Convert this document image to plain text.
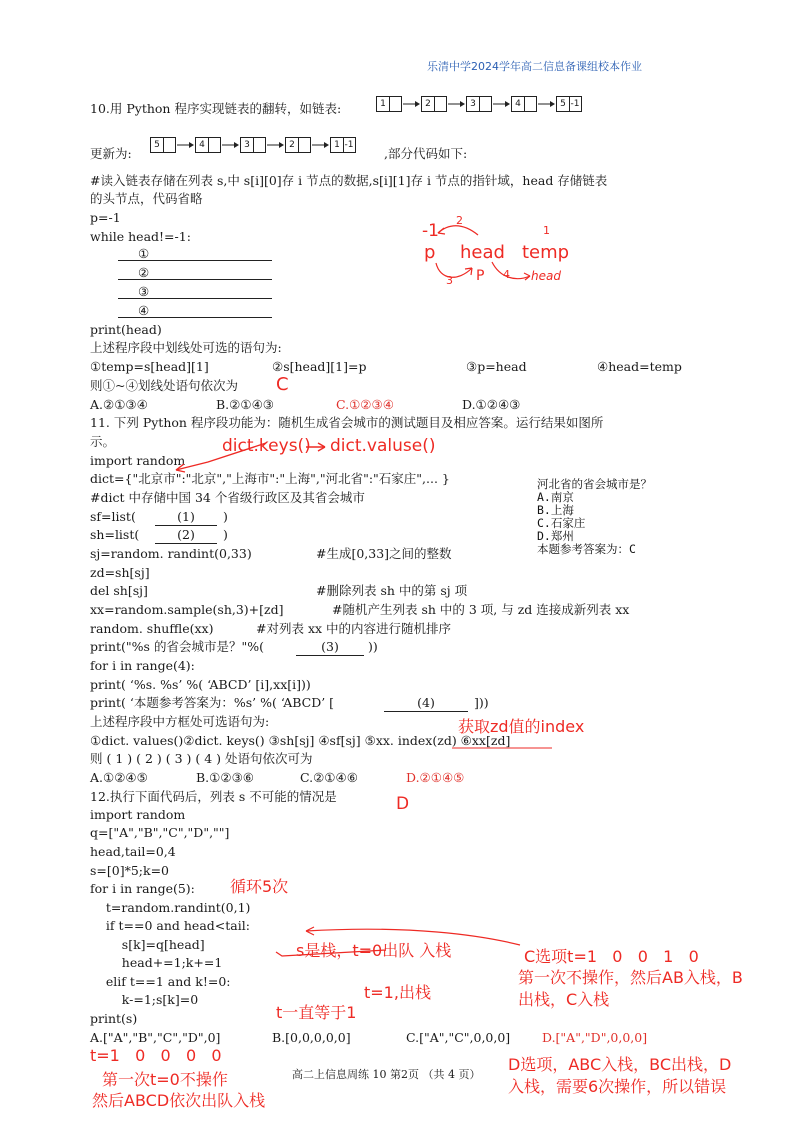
乐清中学2024学年高二信息备课组校本作业
10.用 Python 程序实现链表的翻转，如链表:	1	2	3	4	5 -1
更新为:
5	4	3	2	1 -1
,部分代码如下:
#读入链表存储在列表 s,中 s[i][0]存 i 节点的数据,s[i][1]存 i 节点的指针域，head 存储链表
的头节点，代码省略
p=-1
while head!=-1:
①
②
③
④
print(head)
上述程序段中划线处可选的语句为:
①temp=s[head][1]	②s[head][1]=p	③p=head	④head=temp
则①~④划线处语句依次为
A.②①③④	B.②①④③	C.①②③④	D.①②④③
11. 下列 Python 程序段功能为：随机生成省会城市的测试题目及相应答案。运行结果如图所
示。
import random
dict={"北京市":"北京","上海市":"上海","河北省":"石家庄",... }
#dict 中存储中国 34 个省级行政区及其省会城市
sf=list(	(1)	)
sh=list(	(2)	)
sj=random. randint(0,33)	#生成[0,33]之间的整数
zd=sh[sj]
del sh[sj]	#删除列表 sh 中的第 sj 项
xx=random.sample(sh,3)+[zd]	#随机产生列表 sh 中的 3 项, 与 zd 连接成新列表 xx
random. shuffle(xx)	#对列表 xx 中的内容进行随机排序
print("%s 的省会城市是？"%(	(3)	))
for i in range(4):
print( ‘%s. %s’ %( ‘ABCD’ [i],xx[i]))
print( ‘本题参考答案为：%s’ %( ‘ABCD’ [	(4)	]))
上述程序段中方框处可选语句为:
①dict. values()②dict. keys() ③sh[sj] ④sf[sj] ⑤xx. index(zd) ⑥xx[zd]
则 ( 1 ) ( 2 ) ( 3 ) ( 4 ) 处语句依次可为
A.①②④⑤	B.①②③⑥	C.②①④⑥	D.②①④⑤
河北省的省会城市是？
A.南京
B.上海
C.石家庄
D.郑州
本题参考答案为：C
12.执行下面代码后，列表 s 不可能的情况是
import random
q=["A","B","C","D",""]
head,tail=0,4
s=[0]*5;k=0
for i in range(5):
t=random.randint(0,1)
if t==0 and head<tail:
s[k]=q[head]
head+=1;k+=1
elif t==1 and k!=0:
k-=1;s[k]=0
print(s)
A.["A","B","C","D",0]	B.[0,0,0,0,0]	C.["A","C",0,0,0]	D.["A","D",0,0,0]
高二上信息周练 10 第2页 （共 4 页）
C
-1
p head temp
2
1
3 P 4 head
dict.keys() dict.valuse()
获取zd值的index
D
循环5次
s是栈，t=0出队 入栈
t=1,出栈
t一直等于1
C选项t=1   0   0   1   0
第一次不操作，然后AB入栈，B
出栈，C入栈
t=1   0   0   0   0
第一次t=0不操作
然后ABCD依次出队入栈
D选项，ABC入栈，BC出栈，D
入栈，需要6次操作，所以错误
